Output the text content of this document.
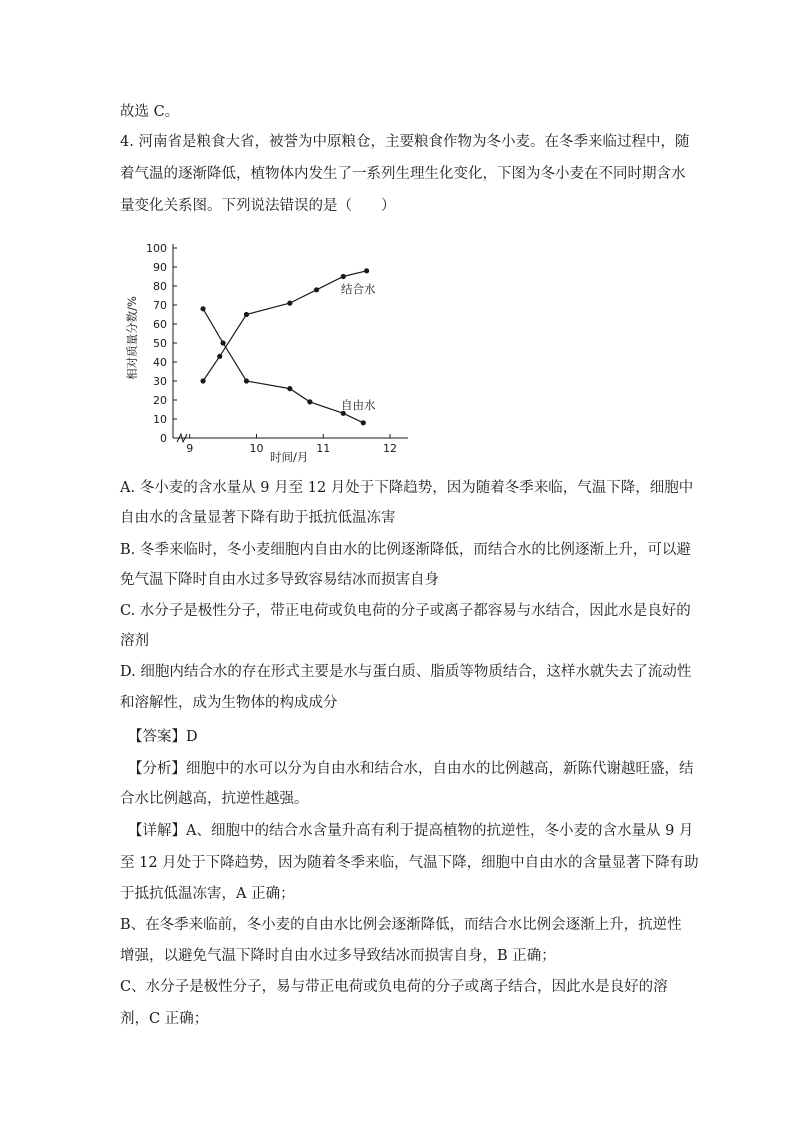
故选 C。
4. 河南省是粮食大省，被誉为中原粮仓，主要粮食作物为冬小麦。在冬季来临过程中，随
着气温的逐渐降低，植物体内发生了一系列生理生化变化，下图为冬小麦在不同时期含水
量变化关系图。下列说法错误的是（　　）
0
10
20
30
40
50
60
70
80
90
100
9	10	11	12
相对质量分数/%
时间/月
结合水
自由水
A. 冬小麦的含水量从 9 月至 12 月处于下降趋势，因为随着冬季来临，气温下降，细胞中
自由水的含量显著下降有助于抵抗低温冻害
B. 冬季来临时，冬小麦细胞内自由水的比例逐渐降低，而结合水的比例逐渐上升，可以避
免气温下降时自由水过多导致容易结冰而损害自身
C. 水分子是极性分子，带正电荷或负电荷的分子或离子都容易与水结合，因此水是良好的
溶剂
D. 细胞内结合水的存在形式主要是水与蛋白质、脂质等物质结合，这样水就失去了流动性
和溶解性，成为生物体的构成成分
【答案】D
【分析】细胞中的水可以分为自由水和结合水，自由水的比例越高，新陈代谢越旺盛，结
合水比例越高，抗逆性越强。
【详解】A、细胞中的结合水含量升高有利于提高植物的抗逆性，冬小麦的含水量从 9 月
至 12 月处于下降趋势，因为随着冬季来临，气温下降，细胞中自由水的含量显著下降有助
于抵抗低温冻害，A 正确；
B、在冬季来临前，冬小麦的自由水比例会逐渐降低，而结合水比例会逐渐上升，抗逆性
增强，以避免气温下降时自由水过多导致结冰而损害自身，B 正确；
C、水分子是极性分子，易与带正电荷或负电荷的分子或离子结合，因此水是良好的溶
剂，C 正确；
